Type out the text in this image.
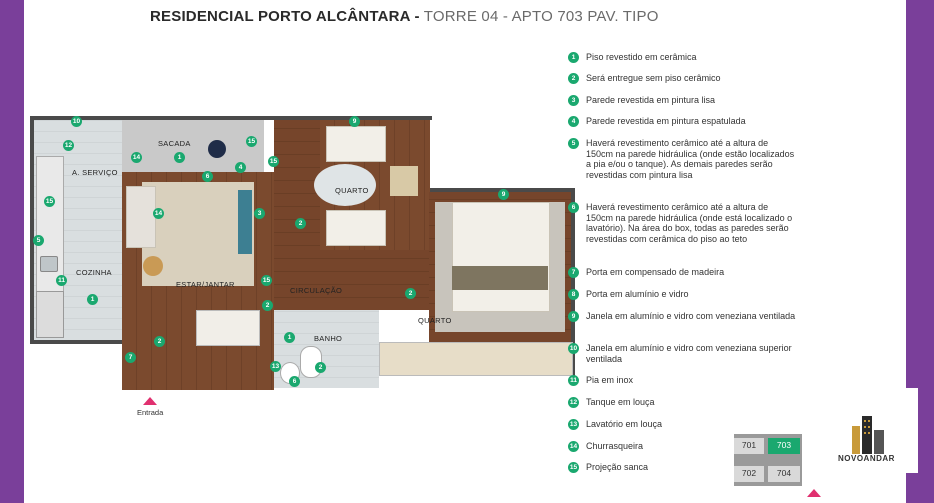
RESIDENCIAL PORTO ALCÂNTARA - TORRE 04 - APTO 703 PAV. TIPO
A. SERVIÇO
SACADA
QUARTO
COZINHA
ESTAR/JANTAR
CIRCULAÇÃO
QUARTO
BANHO
10
12
14	1
15
4
6
15
9
15
14	3
2
9
5
11
1
2
15
2
2
2
1
13
6
7
Entrada
1	Piso revestido em cerâmica
2	Será entregue sem piso cerâmico
3	Parede revestida em pintura lisa
4	Parede revestida em pintura espatulada
5	Haverá revestimento cerâmico até a altura de 150cm na parede hidráulica (onde estão localizados a pia e/ou o tanque). As demais paredes serão revestidas com pintura lisa
6	Haverá revestimento cerâmico até a altura de 150cm na parede hidráulica (onde está localizado o lavatório). Na área do box, todas as paredes serão revestidas com cerâmica do piso ao teto
7	Porta em compensado de madeira
8	Porta em alumínio e vidro
9	Janela em alumínio e vidro com veneziana ventilada
10 Janela em alumínio e vidro com veneziana superior ventilada
11 Pia em inox
12 Tanque em louça
13 Lavatório em louça
14 Churrasqueira
15 Projeção sanca
701	703
702	704
NOVOANDAR
